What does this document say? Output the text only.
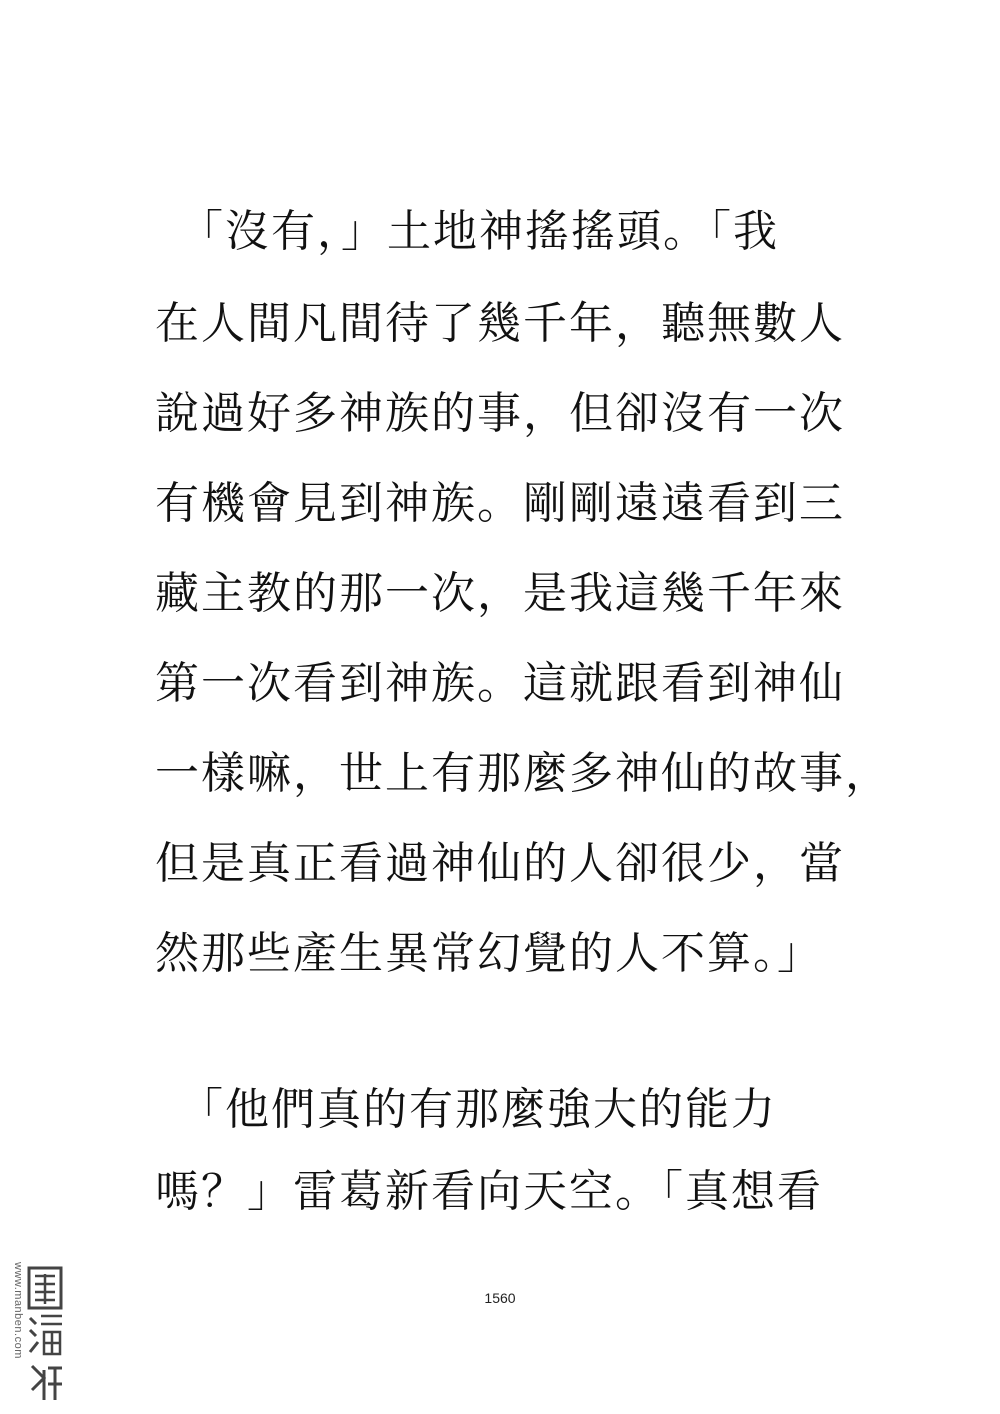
　「沒有，」土地神搖搖頭。「我
在人間凡間待了幾千年，聽無數人
說過好多神族的事，但卻沒有一次
有機會見到神族。剛剛遠遠看到三
藏主教的那一次，是我這幾千年來
第一次看到神族。這就跟看到神仙
一樣嘛，世上有那麼多神仙的故事，
但是真正看過神仙的人卻很少，當
然那些產生異常幻覺的人不算。」
　「他們真的有那麼強大的能力
嗎？」雷葛新看向天空。「真想看
1560
www.manben.com
